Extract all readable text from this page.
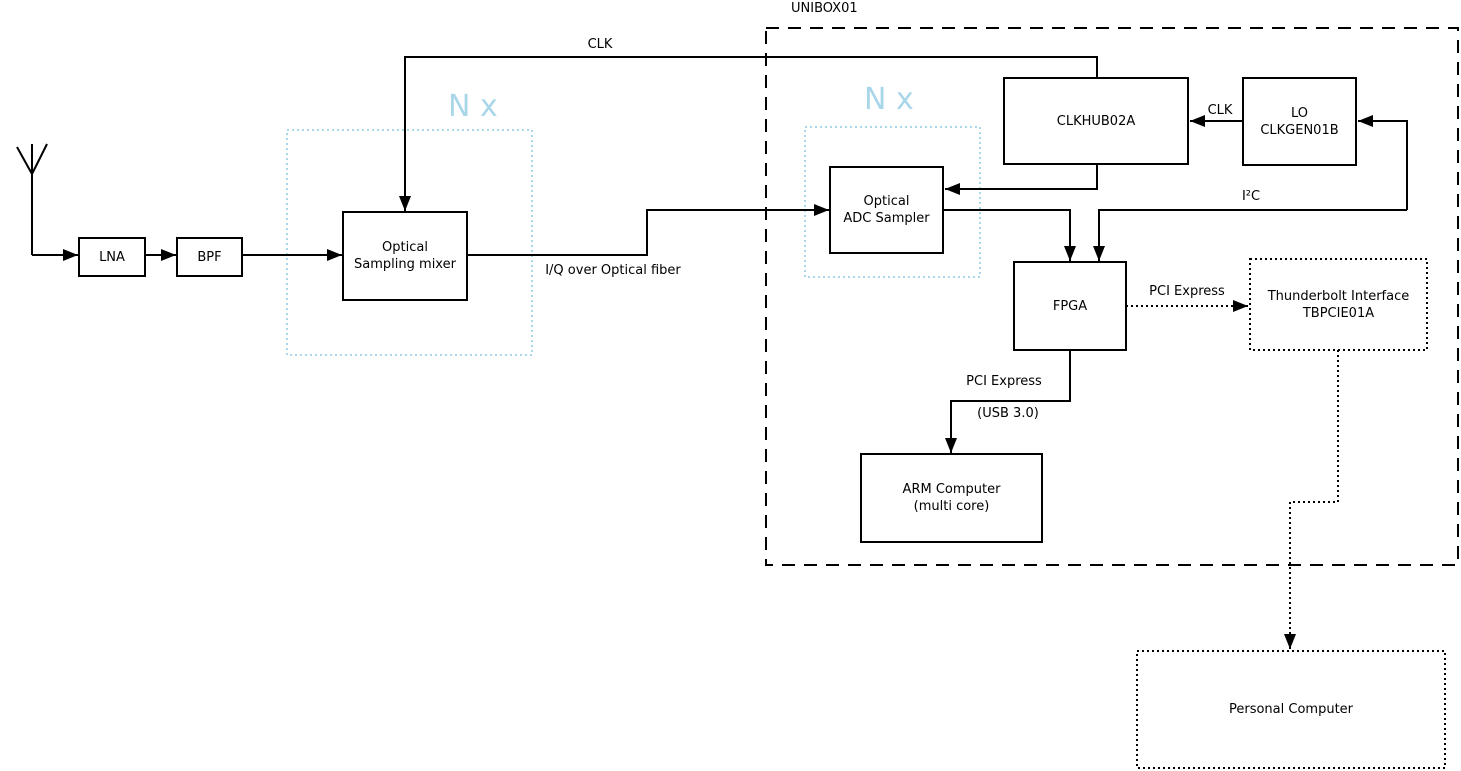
UNIBOX01
N x	N x
LNA	BPF
Optical
Sampling mixer
Optical
ADC Sampler
CLKHUB02A
LO
CLKGEN01B
FPGA
ARM Computer
(multi core)
Thunderbolt Interface
TBPCIE01A
Personal Computer
CLK
CLK
I/Q over Optical fiber
I²C
PCI Express
PCI Express
(USB 3.0)
